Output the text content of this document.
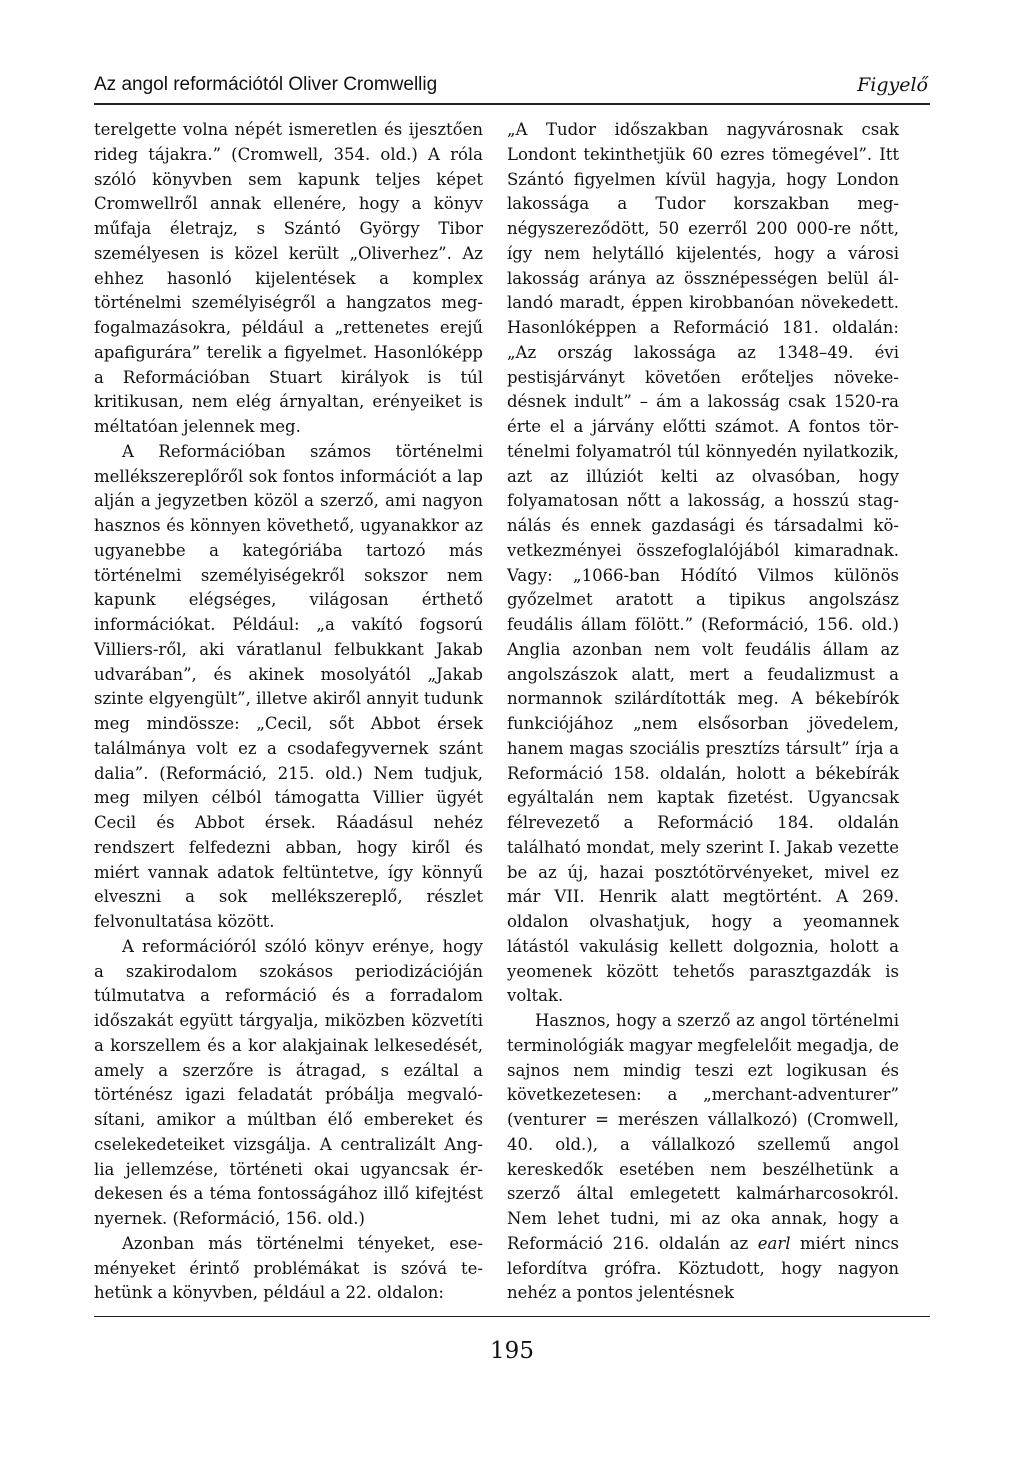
Az angol reformációtól Oliver Cromwellig	Figyelő

terelgette volna népét ismeretlen és ijesztően rideg tájakra.” (Cromwell, 354. old.) A róla szóló könyvben sem kapunk teljes képet Cromwellről annak ellenére, hogy a könyv műfaja életrajz, s Szántó György Tibor személyesen is közel került „Oliverhez”. Az ehhez hasonló kijelentések a komplex történelmi személyiségről a hangzatos megfogalmazásokra, például a „rettenetes erejű apafigurára” terelik a figyelmet. Hasonlóképp a Reformációban Stuart királyok is túl kritikusan, nem elég árnyaltan, erényeiket is méltatóan jelennek meg.

A Reformációban számos történelmi mellékszereplőről sok fontos információt a lap alján a jegyzetben közöl a szerző, ami nagyon hasznos és könnyen követhető, ugyanakkor az ugyanebbe a kategóriába tartozó más történelmi személyiségekről sokszor nem kapunk elégséges, világosan érthető információkat. Például: „a vakító fogsorú Villiers-ről, aki váratlanul felbukkant Jakab udvarában”, és akinek mosolyától „Jakab szinte elgyengült”, illetve akiről annyit tudunk meg mindössze: „Cecil, sőt Abbot érsek találmánya volt ez a csodafegyvernek szánt dalia”. (Reformáció, 215. old.) Nem tudjuk, meg milyen célból támogatta Villier ügyét Cecil és Abbot érsek. Ráadásul nehéz rendszert felfedezni abban, hogy kiről és miért vannak adatok feltüntetve, így könnyű elveszni a sok mellékszereplő, részlet felvonultatása között.

A reformációról szóló könyv erénye, hogy a szakirodalom szokásos periodizációján túlmutatva a reformáció és a forradalom időszakát együtt tárgyalja, miközben közvetíti a korszellem és a kor alakjainak lelkesedését, amely a szerzőre is átragad, s ezáltal a történész igazi feladatát próbálja megvalósítani, amikor a múltban élő embereket és cselekedeteiket vizsgálja. A centralizált Anglia jellemzése, történeti okai ugyancsak érdekesen és a téma fontosságához illő kifejtést nyernek. (Reformáció, 156. old.)

Azonban más történelmi tényeket, eseményeket érintő problémákat is szóvá tehetünk a könyvben, például a 22. oldalon:

„A Tudor időszakban nagyvárosnak csak Londont tekinthetjük 60 ezres tömegével”. Itt Szántó figyelmen kívül hagyja, hogy London lakossága a Tudor korszakban megnégyszereződött, 50 ezerről 200 000-re nőtt, így nem helytálló kijelentés, hogy a városi lakosság aránya az össznépességen belül állandó maradt, éppen kirobbanóan növekedett. Hasonlóképpen a Reformáció 181. oldalán: „Az ország lakossága az 1348–49. évi pestisjárványt követően erőteljes növekedésnek indult” – ám a lakosság csak 1520-ra érte el a járvány előtti számot. A fontos történelmi folyamatról túl könnyedén nyilatkozik, azt az illúziót kelti az olvasóban, hogy folyamatosan nőtt a lakosság, a hosszú stagnálás és ennek gazdasági és társadalmi következményei összefoglalójából kimaradnak. Vagy: „1066-ban Hódító Vilmos különös győzelmet aratott a tipikus angolszász feudális állam fölött.” (Reformáció, 156. old.) Anglia azonban nem volt feudális állam az angolszászok alatt, mert a feudalizmust a normannok szilárdították meg. A békebírók funkciójához „nem elsősorban jövedelem, hanem magas szociális presztízs társult” írja a Reformáció 158. oldalán, holott a békebírák egyáltalán nem kaptak fizetést. Ugyancsak félrevezető a Reformáció 184. oldalán található mondat, mely szerint I. Jakab vezette be az új, hazai posztótörvényeket, mivel ez már VII. Henrik alatt megtörtént. A 269. oldalon olvashatjuk, hogy a yeomannek látástól vakulásig kellett dolgoznia, holott a yeomenek között tehetős parasztgazdák is voltak.

Hasznos, hogy a szerző az angol történelmi terminológiák magyar megfelelőit megadja, de sajnos nem mindig teszi ezt logikusan és következetesen: a „merchant-adventurer” (venturer = merészen vállalkozó) (Cromwell, 40. old.), a vállalkozó szellemű angol kereskedők esetében nem beszélhetünk a szerző által emlegetett kalmárharcosokról. Nem lehet tudni, mi az oka annak, hogy a Reformáció 216. oldalán az earl miért nincs lefordítva grófra. Köztudott, hogy nagyon nehéz a pontos jelentésnek

195
